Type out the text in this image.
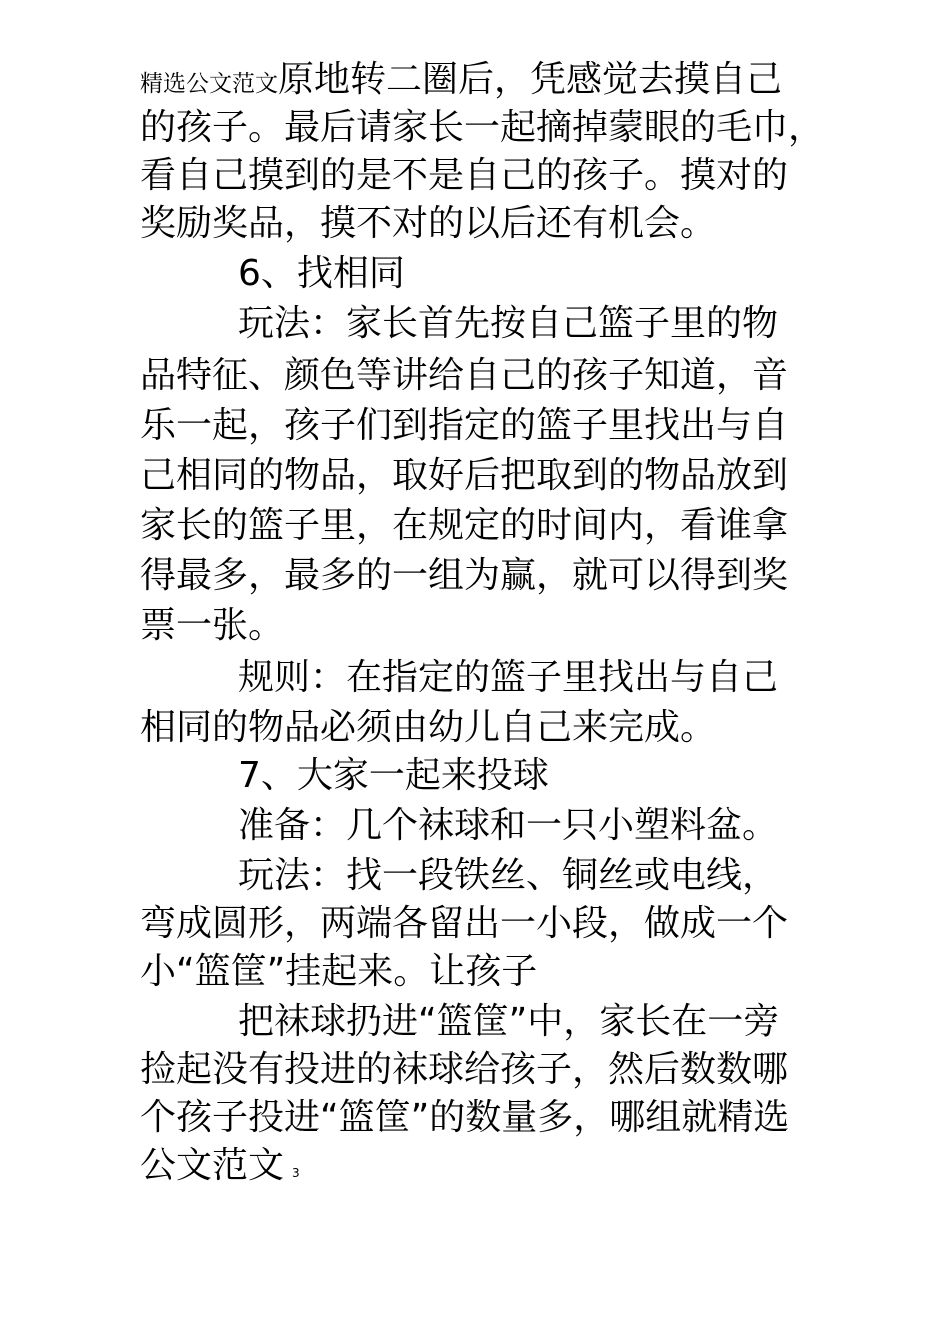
精选公文范文原地转二圈后，凭感觉去摸自己
的孩子。最后请家长一起摘掉蒙眼的毛巾，
看自己摸到的是不是自己的孩子。摸对的
奖励奖品，摸不对的以后还有机会。
6、找相同
玩法：家长首先按自己篮子里的物
品特征、颜色等讲给自己的孩子知道，音
乐一起，孩子们到指定的篮子里找出与自
己相同的物品，取好后把取到的物品放到
家长的篮子里，在规定的时间内，看谁拿
得最多，最多的一组为赢，就可以得到奖
票一张。
规则：在指定的篮子里找出与自己
相同的物品必须由幼儿自己来完成。
7、大家一起来投球
准备：几个袜球和一只小塑料盆。
玩法：找一段铁丝、铜丝或电线，
弯成圆形，两端各留出一小段，做成一个
小“篮筐”挂起来。让孩子
把袜球扔进“篮筐”中，家长在一旁
捡起没有投进的袜球给孩子，然后数数哪
个孩子投进“篮筐”的数量多，哪组就精选
公文范文 3
